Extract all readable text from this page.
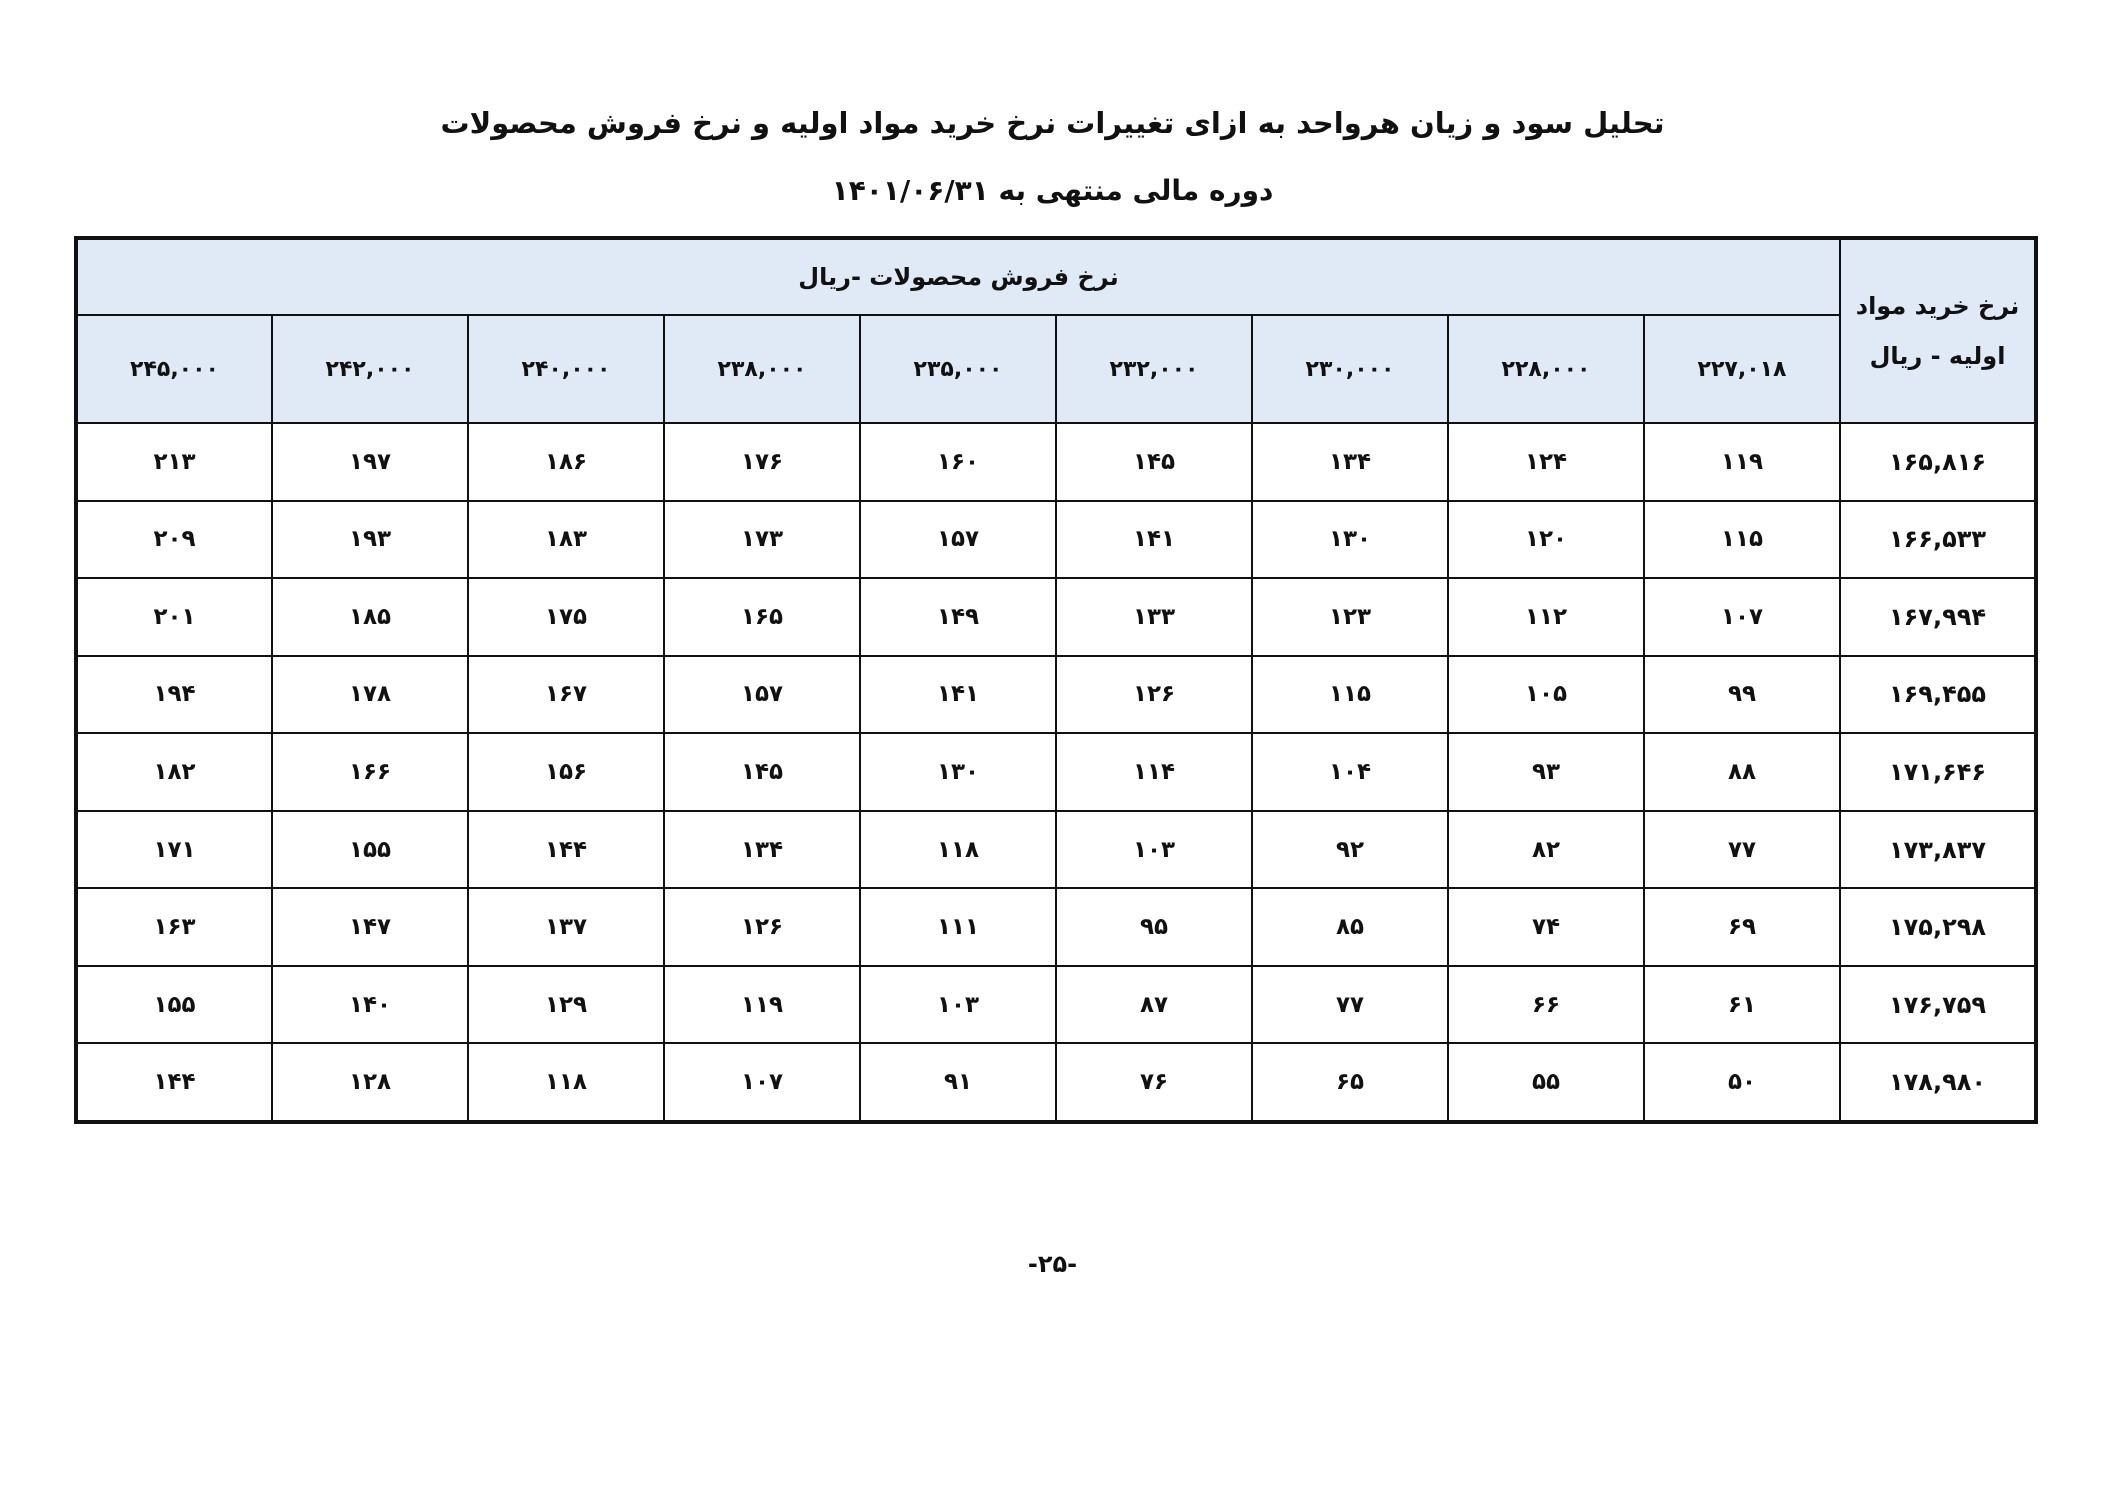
تحلیل سود و زیان هرواحد به ازای تغییرات نرخ خرید مواد اولیه و نرخ فروش محصولات
دوره مالی منتهی به ۱۴۰۱/۰۶/۳۱
نرخ خرید مواد
اولیه - ریال	نرخ فروش محصولات -ریال								
	۲۲۷,۰۱۸	۲۲۸,۰۰۰	۲۳۰,۰۰۰	۲۳۲,۰۰۰	۲۳۵,۰۰۰	۲۳۸,۰۰۰	۲۴۰,۰۰۰	۲۴۲,۰۰۰	۲۴۵,۰۰۰
۱۶۵,۸۱۶	۱۱۹	۱۲۴	۱۳۴	۱۴۵	۱۶۰	۱۷۶	۱۸۶	۱۹۷	۲۱۳
۱۶۶,۵۳۳	۱۱۵	۱۲۰	۱۳۰	۱۴۱	۱۵۷	۱۷۳	۱۸۳	۱۹۳	۲۰۹
۱۶۷,۹۹۴	۱۰۷	۱۱۲	۱۲۳	۱۳۳	۱۴۹	۱۶۵	۱۷۵	۱۸۵	۲۰۱
۱۶۹,۴۵۵	۹۹	۱۰۵	۱۱۵	۱۲۶	۱۴۱	۱۵۷	۱۶۷	۱۷۸	۱۹۴
۱۷۱,۶۴۶	۸۸	۹۳	۱۰۴	۱۱۴	۱۳۰	۱۴۵	۱۵۶	۱۶۶	۱۸۲
۱۷۳,۸۳۷	۷۷	۸۲	۹۲	۱۰۳	۱۱۸	۱۳۴	۱۴۴	۱۵۵	۱۷۱
۱۷۵,۲۹۸	۶۹	۷۴	۸۵	۹۵	۱۱۱	۱۲۶	۱۳۷	۱۴۷	۱۶۳
۱۷۶,۷۵۹	۶۱	۶۶	۷۷	۸۷	۱۰۳	۱۱۹	۱۲۹	۱۴۰	۱۵۵
۱۷۸,۹۸۰	۵۰	۵۵	۶۵	۷۶	۹۱	۱۰۷	۱۱۸	۱۲۸	۱۴۴
-۲۵-
